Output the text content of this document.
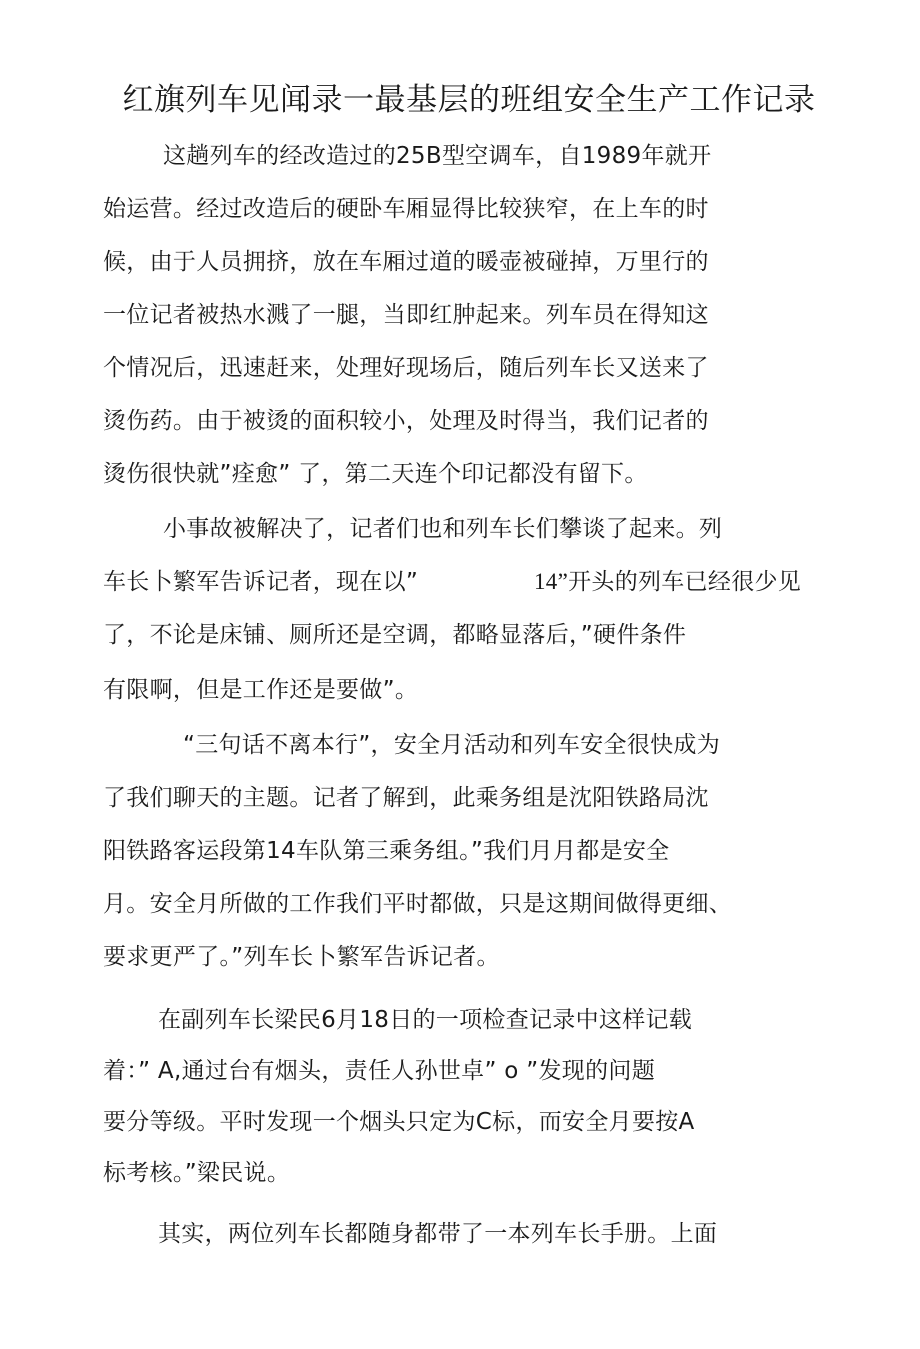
红旗列车见闻录一最基层的班组安全生产工作记录
这趟列车的经改造过的25B型空调车，自1989年就开
始运营。经过改造后的硬卧车厢显得比较狭窄，在上车的时
候，由于人员拥挤，放在车厢过道的暖壶被碰掉，万里行的
一位记者被热水溅了一腿，当即红肿起来。列车员在得知这
个情况后，迅速赶来，处理好现场后，随后列车长又送来了
烫伤药。由于被烫的面积较小，处理及时得当，我们记者的
烫伤很快就”痊愈” 了，第二天连个印记都没有留下。
小事故被解决了，记者们也和列车长们攀谈了起来。列
车长卜繁军告诉记者，现在以”	14”开头的列车已经很少见
了，不论是床铺、厕所还是空调，都略显落后，”硬件条件
有限啊，但是工作还是要做”。
“三句话不离本行”，安全月活动和列车安全很快成为
了我们聊天的主题。记者了解到，此乘务组是沈阳铁路局沈
阳铁路客运段第14车队第三乘务组。”我们月月都是安全
月。安全月所做的工作我们平时都做，只是这期间做得更细、
要求更严了。”列车长卜繁军告诉记者。
在副列车长梁民6月18日的一项检查记录中这样记载
着：” A,通过台有烟头，责任人孙世卓” o ”发现的问题
要分等级。平时发现一个烟头只定为C标，而安全月要按A
标考核。”梁民说。
其实，两位列车长都随身都带了一本列车长手册。上面
